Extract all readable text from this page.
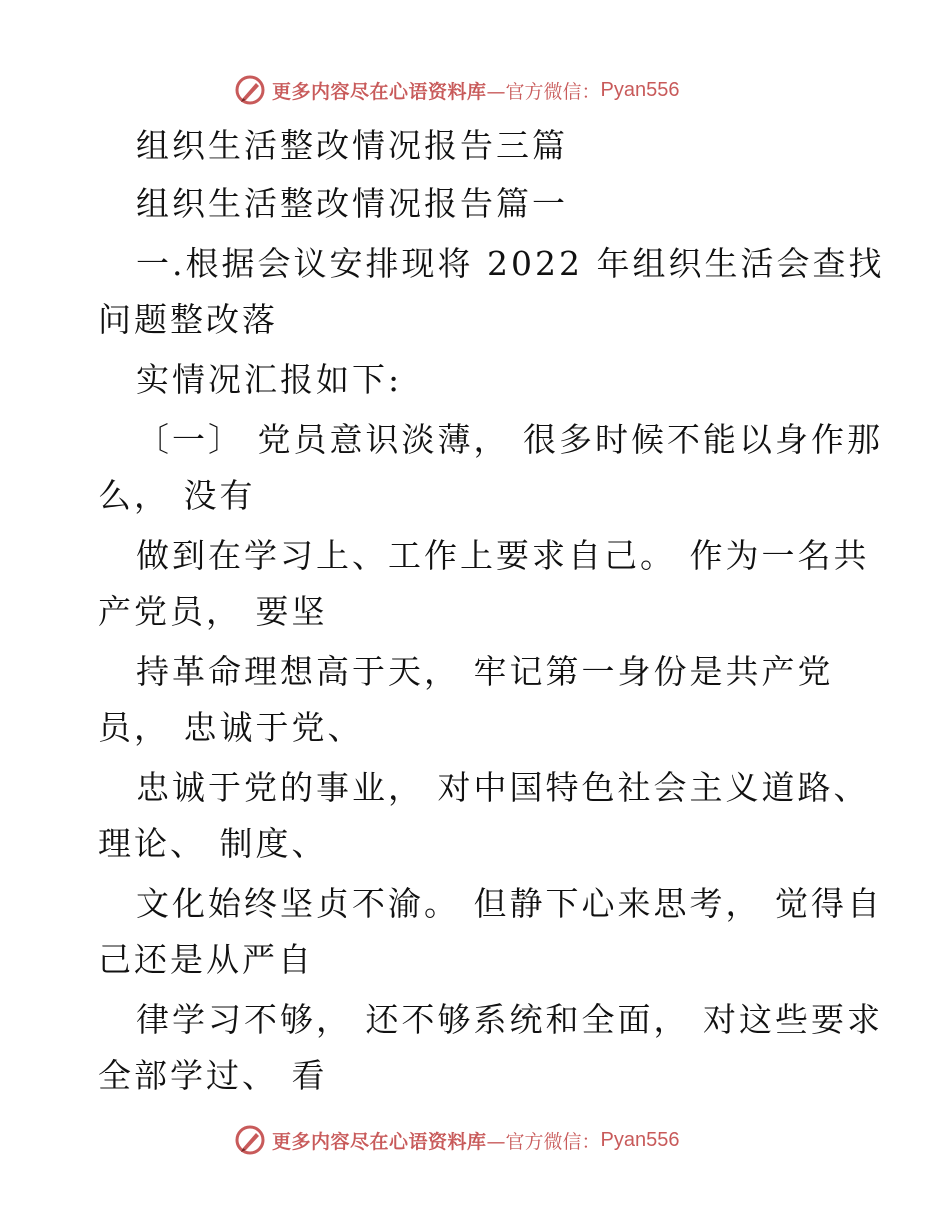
更多内容尽在心语资料库 —官方微信： Pyan556
组织生活整改情况报告三篇
组织生活整改情况报告篇一
一.根据会议安排现将 2022 年组织生活会查找
问题整改落
实情况汇报如下:
〔一〕 党员意识淡薄， 很多时候不能以身作那
么， 没有
做到在学习上、工作上要求自己。 作为一名共
产党员， 要坚
持革命理想高于天， 牢记第一身份是共产党
员， 忠诚于党、
忠诚于党的事业， 对中国特色社会主义道路、
理论、 制度、
文化始终坚贞不渝。 但静下心来思考， 觉得自
己还是从严自
律学习不够， 还不够系统和全面， 对这些要求
全部学过、 看
更多内容尽在心语资料库 —官方微信： Pyan556
